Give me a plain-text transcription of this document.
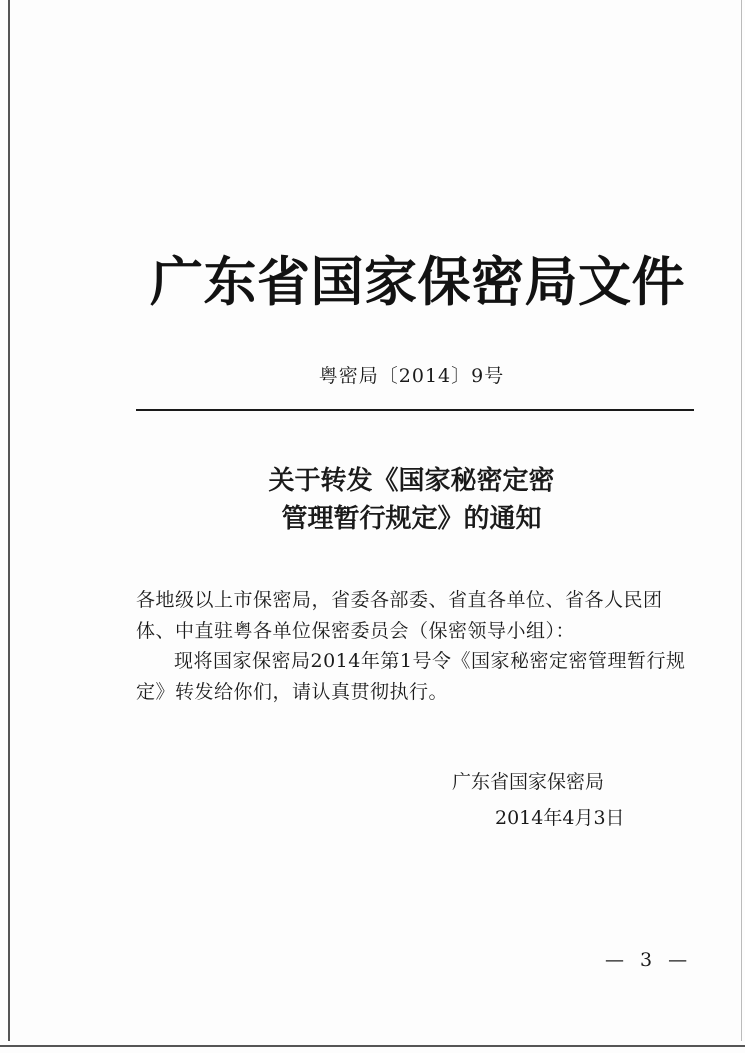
广东省国家保密局文件
粤密局〔2014〕9号
关于转发《国家秘密定密
管理暂行规定》的通知

各地级以上市保密局，省委各部委、省直各单位、省各人民团体、中直驻粤各单位保密委员会（保密领导小组）：

现将国家保密局2014年第1号令《国家秘密定密管理暂行规定》转发给你们，请认真贯彻执行。

广东省国家保密局
2014年4月3日
— 3 —
